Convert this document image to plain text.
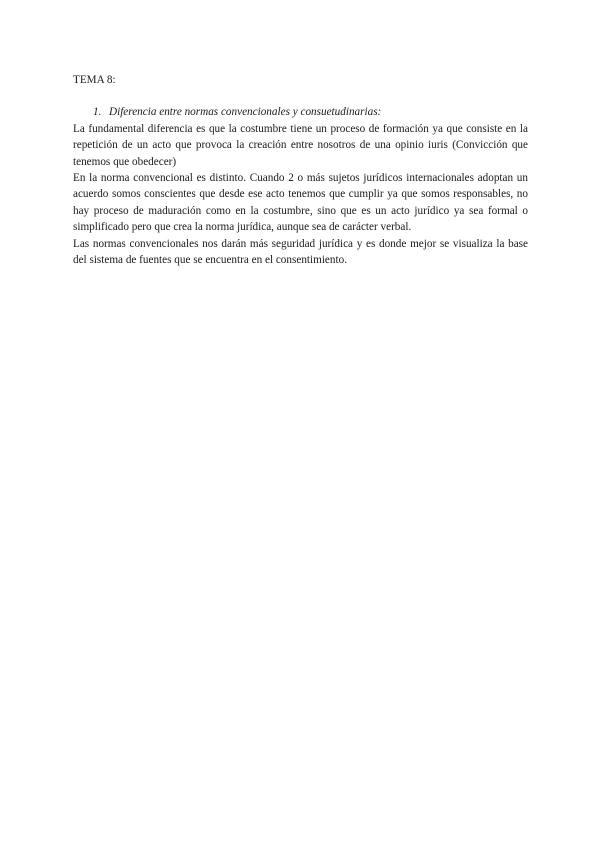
TEMA 8:

1. Diferencia entre normas convencionales y consuetudinarias:

La fundamental diferencia es que la costumbre tiene un proceso de formación ya que consiste en la repetición de un acto que provoca la creación entre nosotros de una opinio iuris (Convicción que tenemos que obedecer)

En la norma convencional es distinto. Cuando 2 o más sujetos jurídicos internacionales adoptan un acuerdo somos conscientes que desde ese acto tenemos que cumplir ya que somos responsables, no hay proceso de maduración como en la costumbre, sino que es un acto jurídico ya sea formal o simplificado pero que crea la norma jurídica, aunque sea de carácter verbal.

Las normas convencionales nos darán más seguridad jurídica y es donde mejor se visualiza la base del sistema de fuentes que se encuentra en el consentimiento.
